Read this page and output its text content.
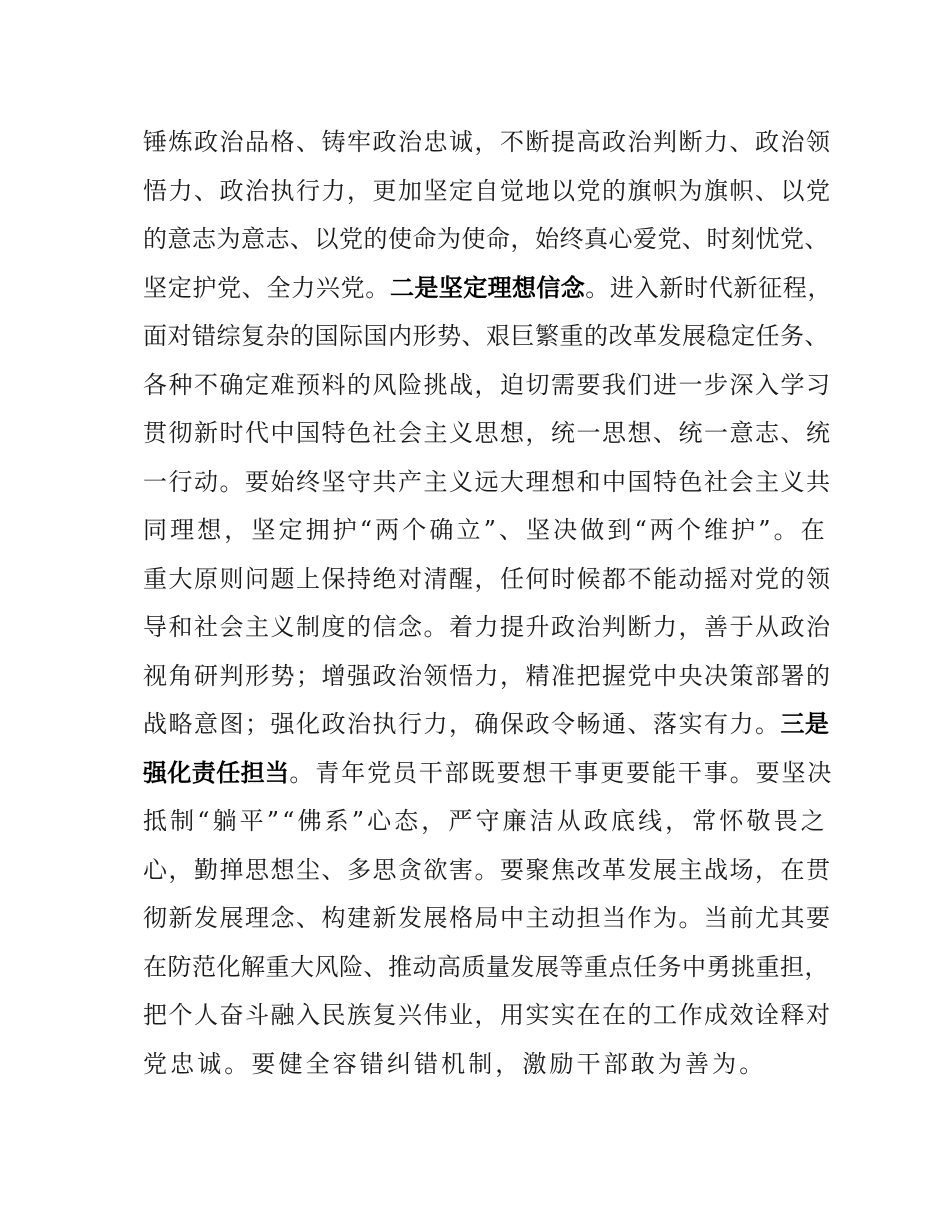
锤炼政治品格、铸牢政治忠诚，不断提高政治判断力、政治领
悟力、政治执行力，更加坚定自觉地以党的旗帜为旗帜、以党
的意志为意志、以党的使命为使命，始终真心爱党、时刻忧党、
坚定护党、全力兴党。二是坚定理想信念。进入新时代新征程，
面对错综复杂的国际国内形势、艰巨繁重的改革发展稳定任务、
各种不确定难预料的风险挑战，迫切需要我们进一步深入学习
贯彻新时代中国特色社会主义思想，统一思想、统一意志、统
一行动。要始终坚守共产主义远大理想和中国特色社会主义共
同理想，坚定拥护“两个确立”、坚决做到“两个维护”。在
重大原则问题上保持绝对清醒，任何时候都不能动摇对党的领
导和社会主义制度的信念。着力提升政治判断力，善于从政治
视角研判形势；增强政治领悟力，精准把握党中央决策部署的
战略意图；强化政治执行力，确保政令畅通、落实有力。三是
强化责任担当。青年党员干部既要想干事更要能干事。要坚决
抵制“躺平”“佛系”心态，严守廉洁从政底线，常怀敬畏之
心，勤掸思想尘、多思贪欲害。要聚焦改革发展主战场，在贯
彻新发展理念、构建新发展格局中主动担当作为。当前尤其要
在防范化解重大风险、推动高质量发展等重点任务中勇挑重担，
把个人奋斗融入民族复兴伟业，用实实在在的工作成效诠释对
党忠诚。要健全容错纠错机制，激励干部敢为善为。
